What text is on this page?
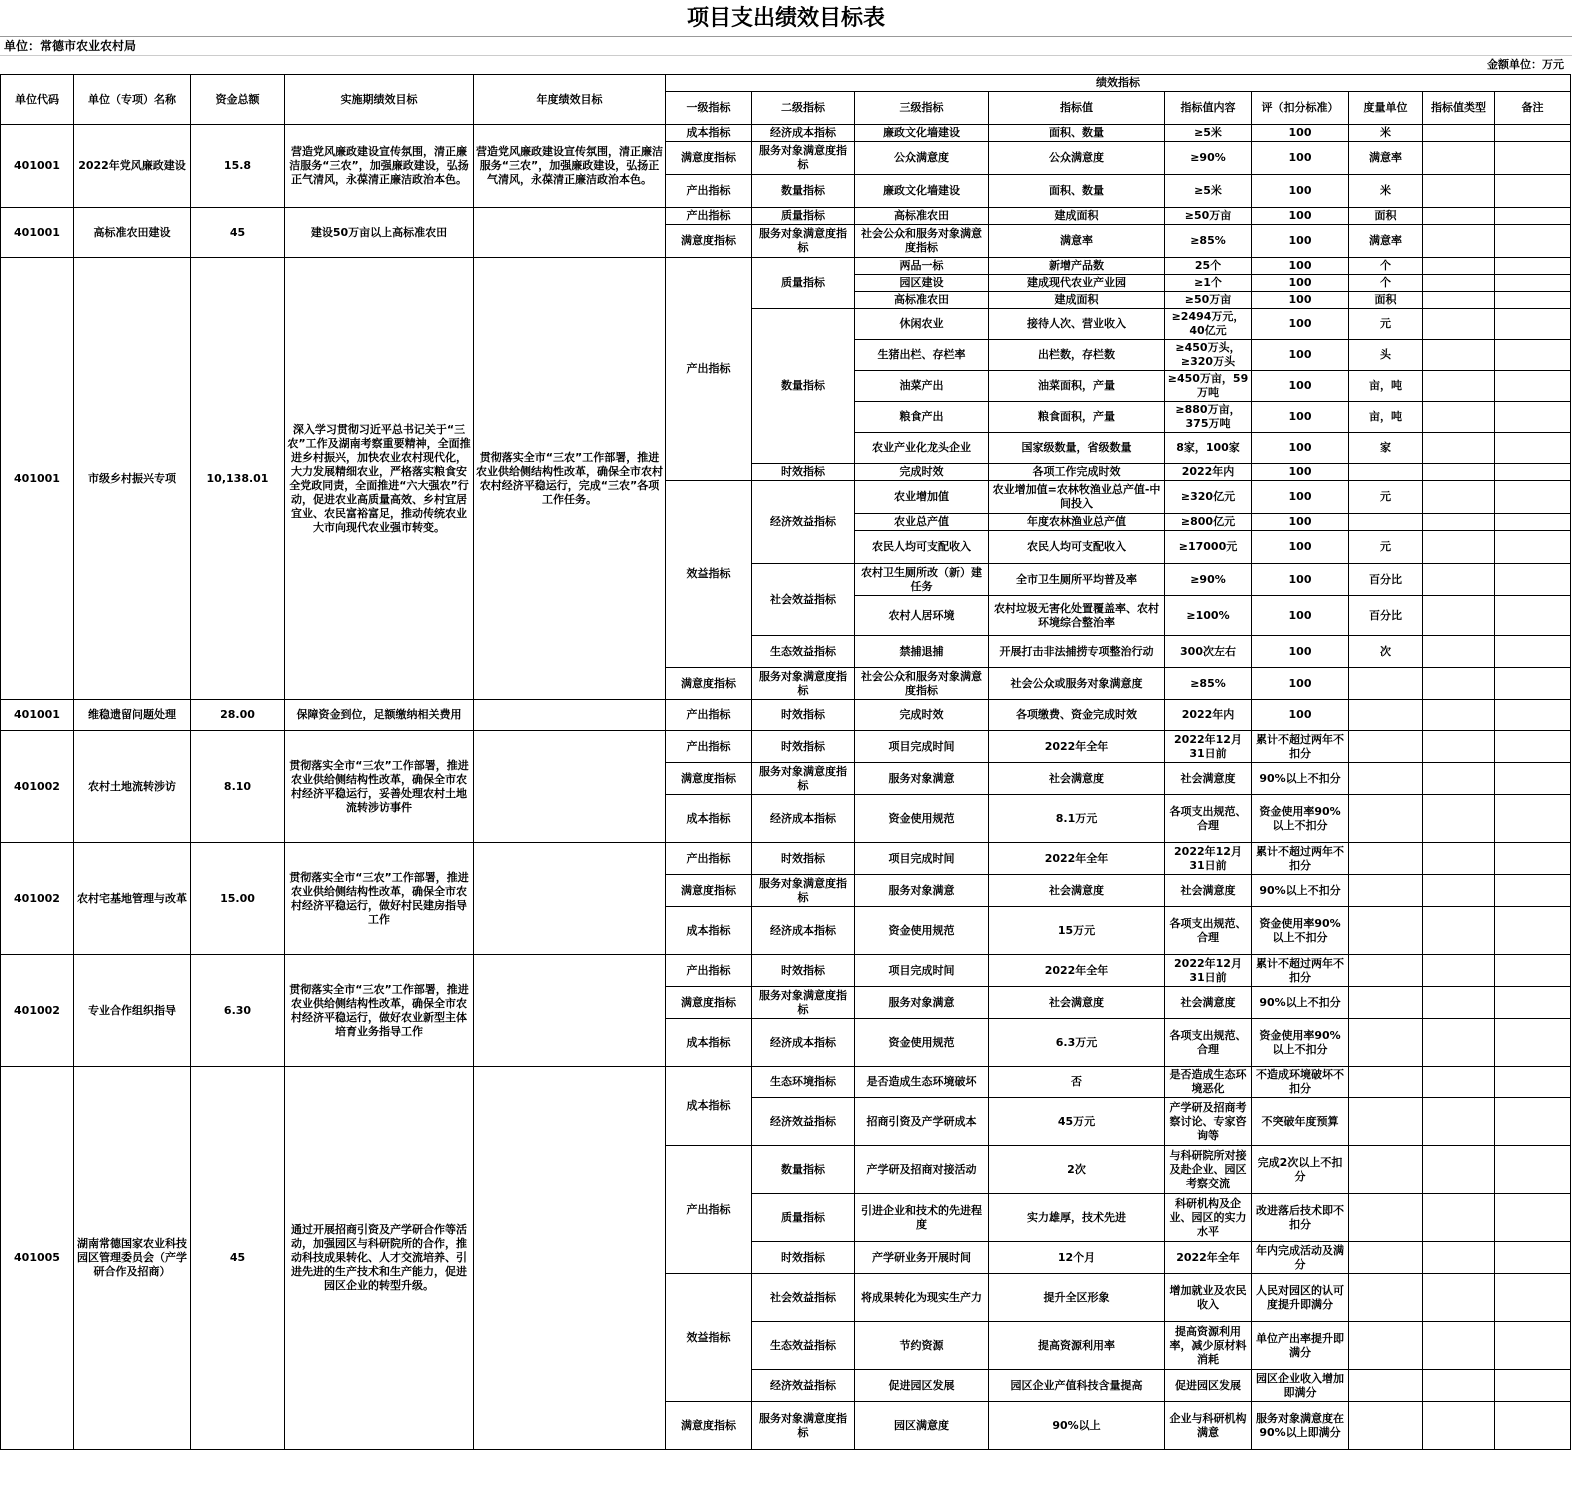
项目支出绩效目标表
单位：常德市农业农村局
金额单位：万元
单位代码	单位（专项）名称	资金总额	实施期绩效目标	年度绩效目标	绩效指标								
					一级指标	二级指标	三级指标	指标值	指标值内容	评（扣分标准）	度量单位	指标值类型	备注
401001	2022年党风廉政建设	15.8	营造党风廉政建设宣传氛围，清正廉洁服务“三农”，加强廉政建设，弘扬正气清风，永葆清正廉洁政治本色。	营造党风廉政建设宣传氛围，清正廉洁服务“三农”，加强廉政建设，弘扬正气清风，永葆清正廉洁政治本色。	成本指标	经济成本指标	廉政文化墙建设	面积、数量	≥5米	100	米		
					满意度指标	服务对象满意度指标	公众满意度	公众满意度	≥90%	100	满意率		
					产出指标	数量指标	廉政文化墙建设	面积、数量	≥5米	100	米		
401001	高标准农田建设	45	建设50万亩以上高标准农田		产出指标	质量指标	高标准农田	建成面积	≥50万亩	100	面积		
					满意度指标	服务对象满意度指标	社会公众和服务对象满意度指标	满意率	≥85%	100	满意率		
401001	市级乡村振兴专项	10,138.01	深入学习贯彻习近平总书记关于“三农”工作及湖南考察重要精神，全面推进乡村振兴，加快农业农村现代化，大力发展精细农业，严格落实粮食安全党政同责，全面推进“六大强农”行动，促进农业高质量高效、乡村宜居宜业、农民富裕富足，推动传统农业大市向现代农业强市转变。	贯彻落实全市“三农”工作部署，推进农业供给侧结构性改革，确保全市农村农村经济平稳运行，完成“三农”各项工作任务。	产出指标	质量指标	两品一标	新增产品数	25个	100	个		
							园区建设	建成现代农业产业园	≥1个	100	个		
							高标准农田	建成面积	≥50万亩	100	面积		
						数量指标	休闲农业	接待人次、营业收入	≥2494万元，40亿元	100	元		
							生猪出栏、存栏率	出栏数，存栏数	≥450万头，≥320万头	100	头		
							油菜产出	油菜面积，产量	≥450万亩，59万吨	100	亩，吨		
							粮食产出	粮食面积，产量	≥880万亩，375万吨	100	亩，吨		
							农业产业化龙头企业	国家级数量，省级数量	8家，100家	100	家		
						时效指标	完成时效	各项工作完成时效	2022年内	100			
					效益指标	经济效益指标	农业增加值	农业增加值=农林牧渔业总产值-中间投入	≥320亿元	100	元		
							农业总产值	年度农林渔业总产值	≥800亿元	100			
							农民人均可支配收入	农民人均可支配收入	≥17000元	100	元		
						社会效益指标	农村卫生厕所改（新）建任务	全市卫生厕所平均普及率	≥90%	100	百分比		
							农村人居环境	农村垃圾无害化处置覆盖率、农村环境综合整治率	≥100%	100	百分比		
						生态效益指标	禁捕退捕	开展打击非法捕捞专项整治行动	300次左右	100	次		
					满意度指标	服务对象满意度指标	社会公众和服务对象满意度指标	社会公众或服务对象满意度	≥85%	100			
401001	维稳遗留问题处理	28.00	保障资金到位，足额缴纳相关费用		产出指标	时效指标	完成时效	各项缴费、资金完成时效	2022年内	100			
401002	农村土地流转涉访	8.10	贯彻落实全市“三农”工作部署，推进农业供给侧结构性改革，确保全市农村经济平稳运行，妥善处理农村土地流转涉访事件		产出指标	时效指标	项目完成时间	2022年全年	2022年12月31日前	累计不超过两年不扣分			
					满意度指标	服务对象满意度指标	服务对象满意	社会满意度	社会满意度	90%以上不扣分			
					成本指标	经济成本指标	资金使用规范	8.1万元	各项支出规范、合理	资金使用率90%以上不扣分			
401002	农村宅基地管理与改革	15.00	贯彻落实全市“三农”工作部署，推进农业供给侧结构性改革，确保全市农村经济平稳运行，做好村民建房指导工作		产出指标	时效指标	项目完成时间	2022年全年	2022年12月31日前	累计不超过两年不扣分			
					满意度指标	服务对象满意度指标	服务对象满意	社会满意度	社会满意度	90%以上不扣分			
					成本指标	经济成本指标	资金使用规范	15万元	各项支出规范、合理	资金使用率90%以上不扣分			
401002	专业合作组织指导	6.30	贯彻落实全市“三农”工作部署，推进农业供给侧结构性改革，确保全市农村经济平稳运行，做好农业新型主体培育业务指导工作		产出指标	时效指标	项目完成时间	2022年全年	2022年12月31日前	累计不超过两年不扣分			
					满意度指标	服务对象满意度指标	服务对象满意	社会满意度	社会满意度	90%以上不扣分			
					成本指标	经济成本指标	资金使用规范	6.3万元	各项支出规范、合理	资金使用率90%以上不扣分			
401005	湖南常德国家农业科技园区管理委员会（产学研合作及招商）	45	通过开展招商引资及产学研合作等活动，加强园区与科研院所的合作，推动科技成果转化、人才交流培养、引进先进的生产技术和生产能力，促进园区企业的转型升级。		成本指标	生态环境指标	是否造成生态环境破坏	否	是否造成生态环境恶化	不造成环境破坏不扣分			
						经济效益指标	招商引资及产学研成本	45万元	产学研及招商考察讨论、专家咨询等	不突破年度预算			
					产出指标	数量指标	产学研及招商对接活动	2次	与科研院所对接及赴企业、园区考察交流	完成2次以上不扣分			
						质量指标	引进企业和技术的先进程度	实力雄厚，技术先进	科研机构及企业、园区的实力水平	改进落后技术即不扣分			
						时效指标	产学研业务开展时间	12个月	2022年全年	年内完成活动及满分			
					效益指标	社会效益指标	将成果转化为现实生产力	提升全区形象	增加就业及农民收入	人民对园区的认可度提升即满分			
						生态效益指标	节约资源	提高资源利用率	提高资源利用率，减少原材料消耗	单位产出率提升即满分			
						经济效益指标	促进园区发展	园区企业产值科技含量提高	促进园区发展	园区企业收入增加即满分			
					满意度指标	服务对象满意度指标	园区满意度	90%以上	企业与科研机构满意	服务对象满意度在90%以上即满分			
